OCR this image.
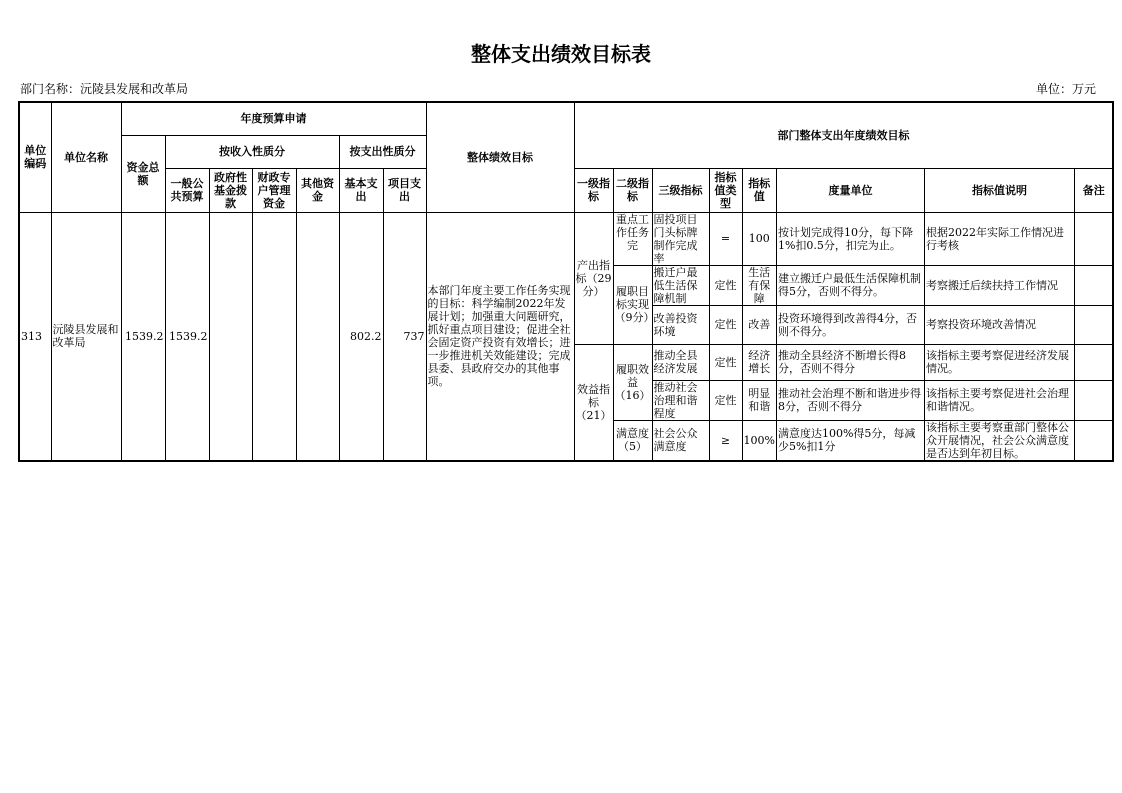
整体支出绩效目标表
部门名称：沅陵县发展和改革局	单位：万元
单位编码	单位名称	年度预算申请							整体绩效目标	部门整体支出年度绩效目标							
		资金总额	按收入性质分				按支出性质分										
			一般公共预算	政府性基金拨款	财政专户管理资金	其他资金	基本支出	项目支出		一级指标	二级指标	三级指标	指标值类型	指标值	度量单位	指标值说明	备注
313	沅陵县发展和改革局	1539.2	1539.2				802.2	737	本部门年度主要工作任务实现的目标：科学编制2022年发展计划；加强重大问题研究，抓好重点项目建设；促进全社会固定资产投资有效增长；进一步推进机关效能建设；完成县委、县政府交办的其他事项。	产出指标（29分）	重点工作任务完	固投项目门头标牌制作完成率	=	100	按计划完成得10分，每下降1%扣0.5分，扣完为止。	根据2022年实际工作情况进行考核	
											履职目标实现（9分）	搬迁户最低生活保障机制	定性	生活有保障	建立搬迁户最低生活保障机制得5分，否则不得分。	考察搬迁后续扶持工作情况	
												改善投资环境	定性	改善	投资环境得到改善得4分，否则不得分。	考察投资环境改善情况	
										效益指标（21）	履职效益（16）	推动全县经济发展	定性	经济增长	推动全县经济不断增长得8分，否则不得分	该指标主要考察促进经济发展情况。	
												推动社会治理和谐程度	定性	明显和谐	推动社会治理不断和谐进步得8分，否则不得分	该指标主要考察促进社会治理和谐情况。	
											满意度（5）	社会公众满意度	≥	100%	满意度达100%得5分，每减少5%扣1分	该指标主要考察重部门整体公众开展情况，社会公众满意度是否达到年初目标。	
